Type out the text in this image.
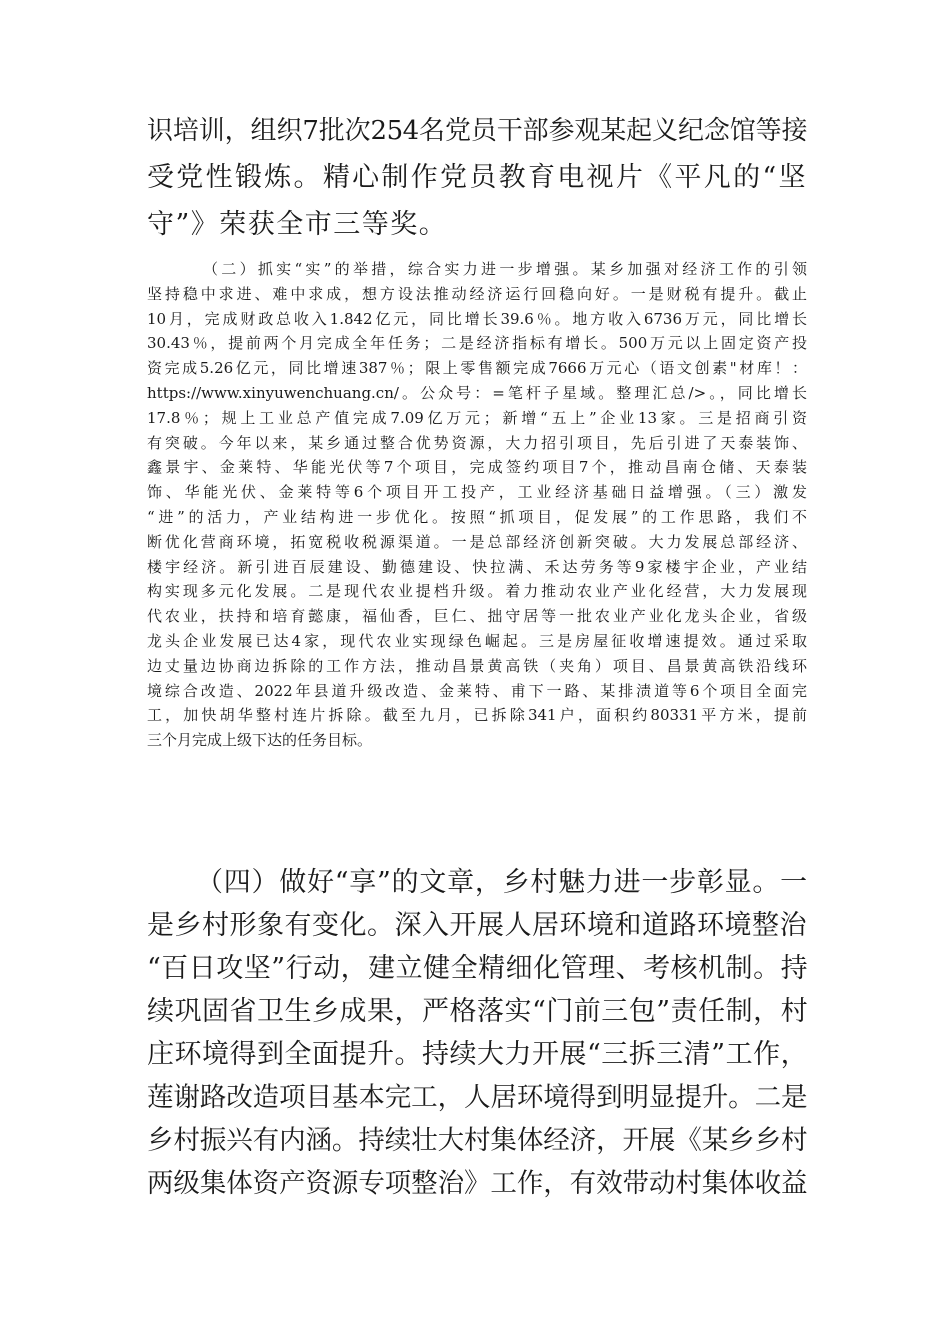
识培训，组织7批次254名党员干部参观某起义纪念馆等接
受党性锻炼。精心制作党员教育电视片《平凡的“坚
守”》荣获全市三等奖。
（二）抓实“实”的举措，综合实力进一步增强。某乡加强对经济工作的引领
坚持稳中求进、难中求成，想方设法推动经济运行回稳向好。一是财税有提升。截止
10月，完成财政总收入1.842亿元，同比增长39.6％。地方收入6736万元，同比增长
30.43％，提前两个月完成全年任务；二是经济指标有增长。500万元以上固定资产投
资完成5.26亿元，同比增速387％；限上零售额完成7666万元心（语文创素"材库！：
https://www.xinyuwenchuang.cn/。公众号：=笔杆子星域。整理汇总/>。，同比增长
17.8％；规上工业总产值完成7.09亿万元；新增“五上”企业13家。三是招商引资
有突破。今年以来，某乡通过整合优势资源，大力招引项目，先后引进了天泰装饰、
鑫景宇、金莱特、华能光伏等7个项目，完成签约项目7个，推动昌南仓储、天泰装
饰、华能光伏、金莱特等6个项目开工投产，工业经济基础日益增强。（三）激发
“进”的活力，产业结构进一步优化。按照“抓项目，促发展”的工作思路，我们不
断优化营商环境，拓宽税收税源渠道。一是总部经济创新突破。大力发展总部经济、
楼宇经济。新引进百辰建设、勤德建设、快拉满、禾达劳务等9家楼宇企业，产业结
构实现多元化发展。二是现代农业提档升级。着力推动农业产业化经营，大力发展现
代农业，扶持和培育懿康，福仙香，巨仁、拙守居等一批农业产业化龙头企业，省级
龙头企业发展已达4家，现代农业实现绿色崛起。三是房屋征收增速提效。通过采取
边丈量边协商边拆除的工作方法，推动昌景黄高铁（夹角）项目、昌景黄高铁沿线环
境综合改造、2022年县道升级改造、金莱特、甫下一路、某排渍道等6个项目全面完
工，加快胡华整村连片拆除。截至九月，已拆除341户，面积约80331平方米，提前
三个月完成上级下达的任务目标。
（四）做好“享”的文章，乡村魅力进一步彰显。一
是乡村形象有变化。深入开展人居环境和道路环境整治
“百日攻坚”行动，建立健全精细化管理、考核机制。持
续巩固省卫生乡成果，严格落实“门前三包”责任制，村
庄环境得到全面提升。持续大力开展“三拆三清”工作，
莲谢路改造项目基本完工，人居环境得到明显提升。二是
乡村振兴有内涵。持续壮大村集体经济，开展《某乡乡村
两级集体资产资源专项整治》工作，有效带动村集体收益
